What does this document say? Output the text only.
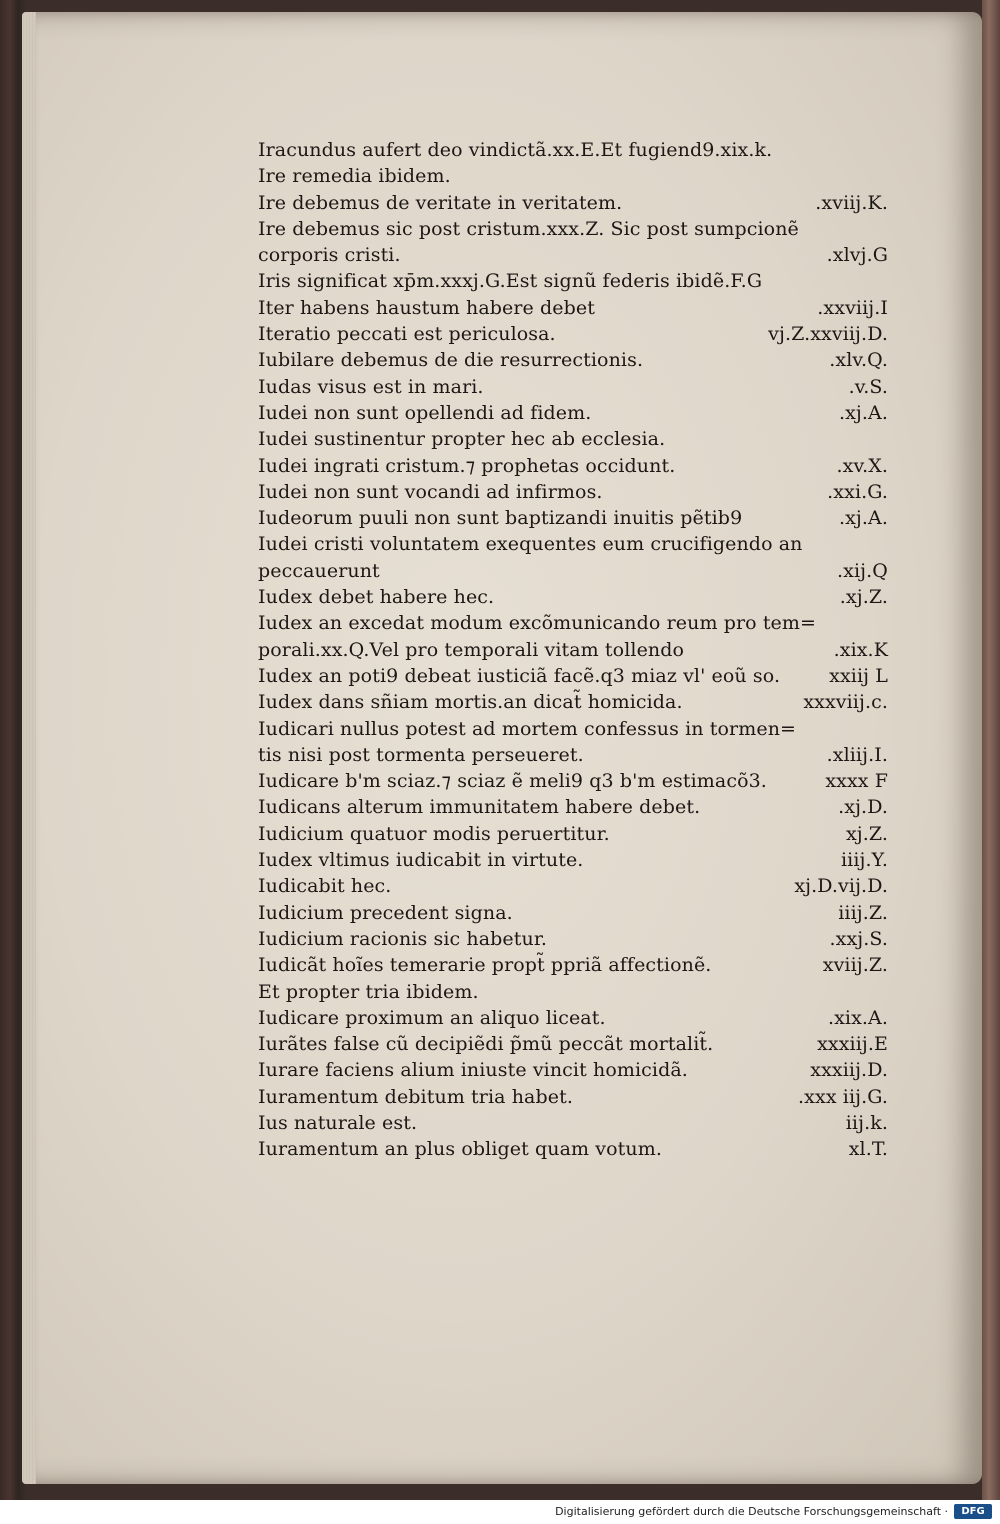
Iracundus aufert deo vindictã.xx.E.Et fugiend9.xix.k.
Ire remedia ibidem.
Ire debemus de veritate in veritatem.	.xviij.K.
Ire debemus sic post cristum.xxx.Z. Sic post sumpcionẽ
corporis cristi.	.xlvj.G
Iris significat xp̄m.xxxj.G.Est signũ federis ibidẽ.F.G
Iter habens haustum habere debet	.xxviij.I
Iteratio peccati est periculosa.	vj.Z.xxviij.D.
Iubilare debemus de die resurrectionis.	.xlv.Q.
Iudas visus est in mari.	.v.S.
Iudei non sunt opellendi ad fidem.	.xj.A.
Iudei sustinentur propter hec ab ecclesia.
Iudei ingrati cristum.⁊ prophetas occidunt.	.xv.X.
Iudei non sunt vocandi ad infirmos.	.xxi.G.
Iudeorum puuli non sunt baptizandi inuitis pẽtib9	.xj.A.
Iudei cristi voluntatem exequentes eum crucifigendo an
peccauerunt	.xij.Q
Iudex debet habere hec.	.xj.Z.
Iudex an excedat modum excõmunicando reum pro tem=
porali.xx.Q.Vel pro temporali vitam tollendo	.xix.K
Iudex an poti9 debeat iusticiã facẽ.q3 miaz vl' eoũ so.	xxiij L
Iudex dans sñiam mortis.an dicat̃ homicida.	xxxviij.c.
Iudicari nullus potest ad mortem confessus in tormen=
tis nisi post tormenta perseueret.	.xliij.I.
Iudicare b'm sciaz.⁊ sciaz ẽ meli9 q3 b'm estimacõ3.	xxxx F
Iudicans alterum immunitatem habere debet.	.xj.D.
Iudicium quatuor modis peruertitur.	xj.Z.
Iudex vltimus iudicabit in virtute.	iiij.Y.
Iudicabit hec.	xj.D.vij.D.
Iudicium precedent signa.	iiij.Z.
Iudicium racionis sic habetur.	.xxj.S.
Iudicãt hoĩes temerarie propt̃ ppriã affectionẽ.	xviij.Z.
Et propter tria ibidem.
Iudicare proximum an aliquo liceat.	.xix.A.
Iurãtes false cũ decipiẽdi p̃mũ peccãt mortalit̃.	xxxiij.E
Iurare faciens alium iniuste vincit homicidã.	xxxiij.D.
Iuramentum debitum tria habet.	.xxx iij.G.
Ius naturale est.	iij.k.
Iuramentum an plus obliget quam votum.	xl.T.
Digitalisierung gefördert durch die Deutsche Forschungsgemeinschaft ·	DFG
